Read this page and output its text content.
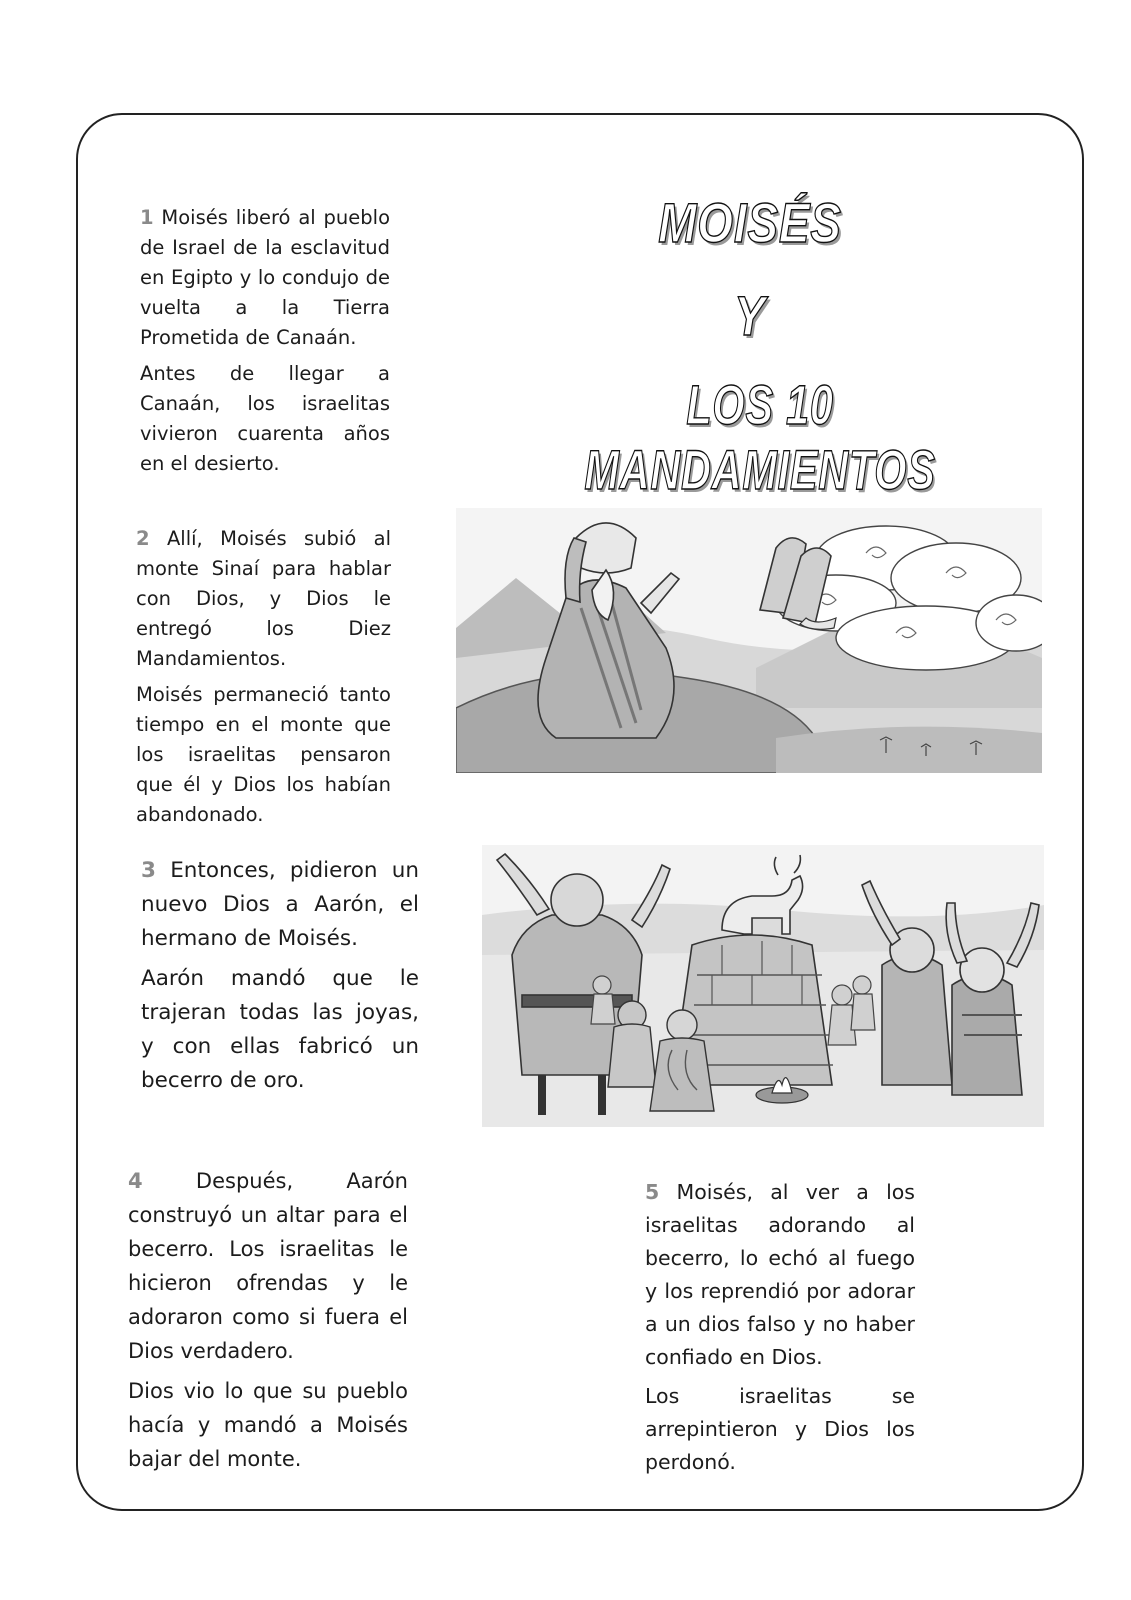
MOISÉS
Y
LOS 10 MANDAMIENTOS

1 Moisés liberó al pueblo de Israel de la esclavitud en Egipto y lo condujo de vuelta a la Tierra Prometida de Canaán.

Antes de llegar a Canaán, los israelitas vivieron cuarenta años en el desierto.

2 Allí, Moisés subió al monte Sinaí para hablar con Dios, y Dios le entregó los Diez Mandamientos.

Moisés permaneció tanto tiempo en el monte que los israelitas pensaron que él y Dios los habían abandonado.

3 Entonces, pidieron un nuevo Dios a Aarón, el hermano de Moisés.

Aarón mandó que le trajeran todas las joyas, y con ellas fabricó un becerro de oro.

4	Después, Aarón construyó un altar para el becerro. Los israelitas le hicieron ofrendas y le adoraron como si fuera el Dios verdadero.

Dios vio lo que su pueblo hacía y mandó a Moisés bajar del monte.

5 Moisés, al ver a los israelitas adorando al becerro, lo echó al fuego y los reprendió por adorar a un dios falso y no haber confiado en Dios.

Los israelitas se arrepintieron y Dios los perdonó.
